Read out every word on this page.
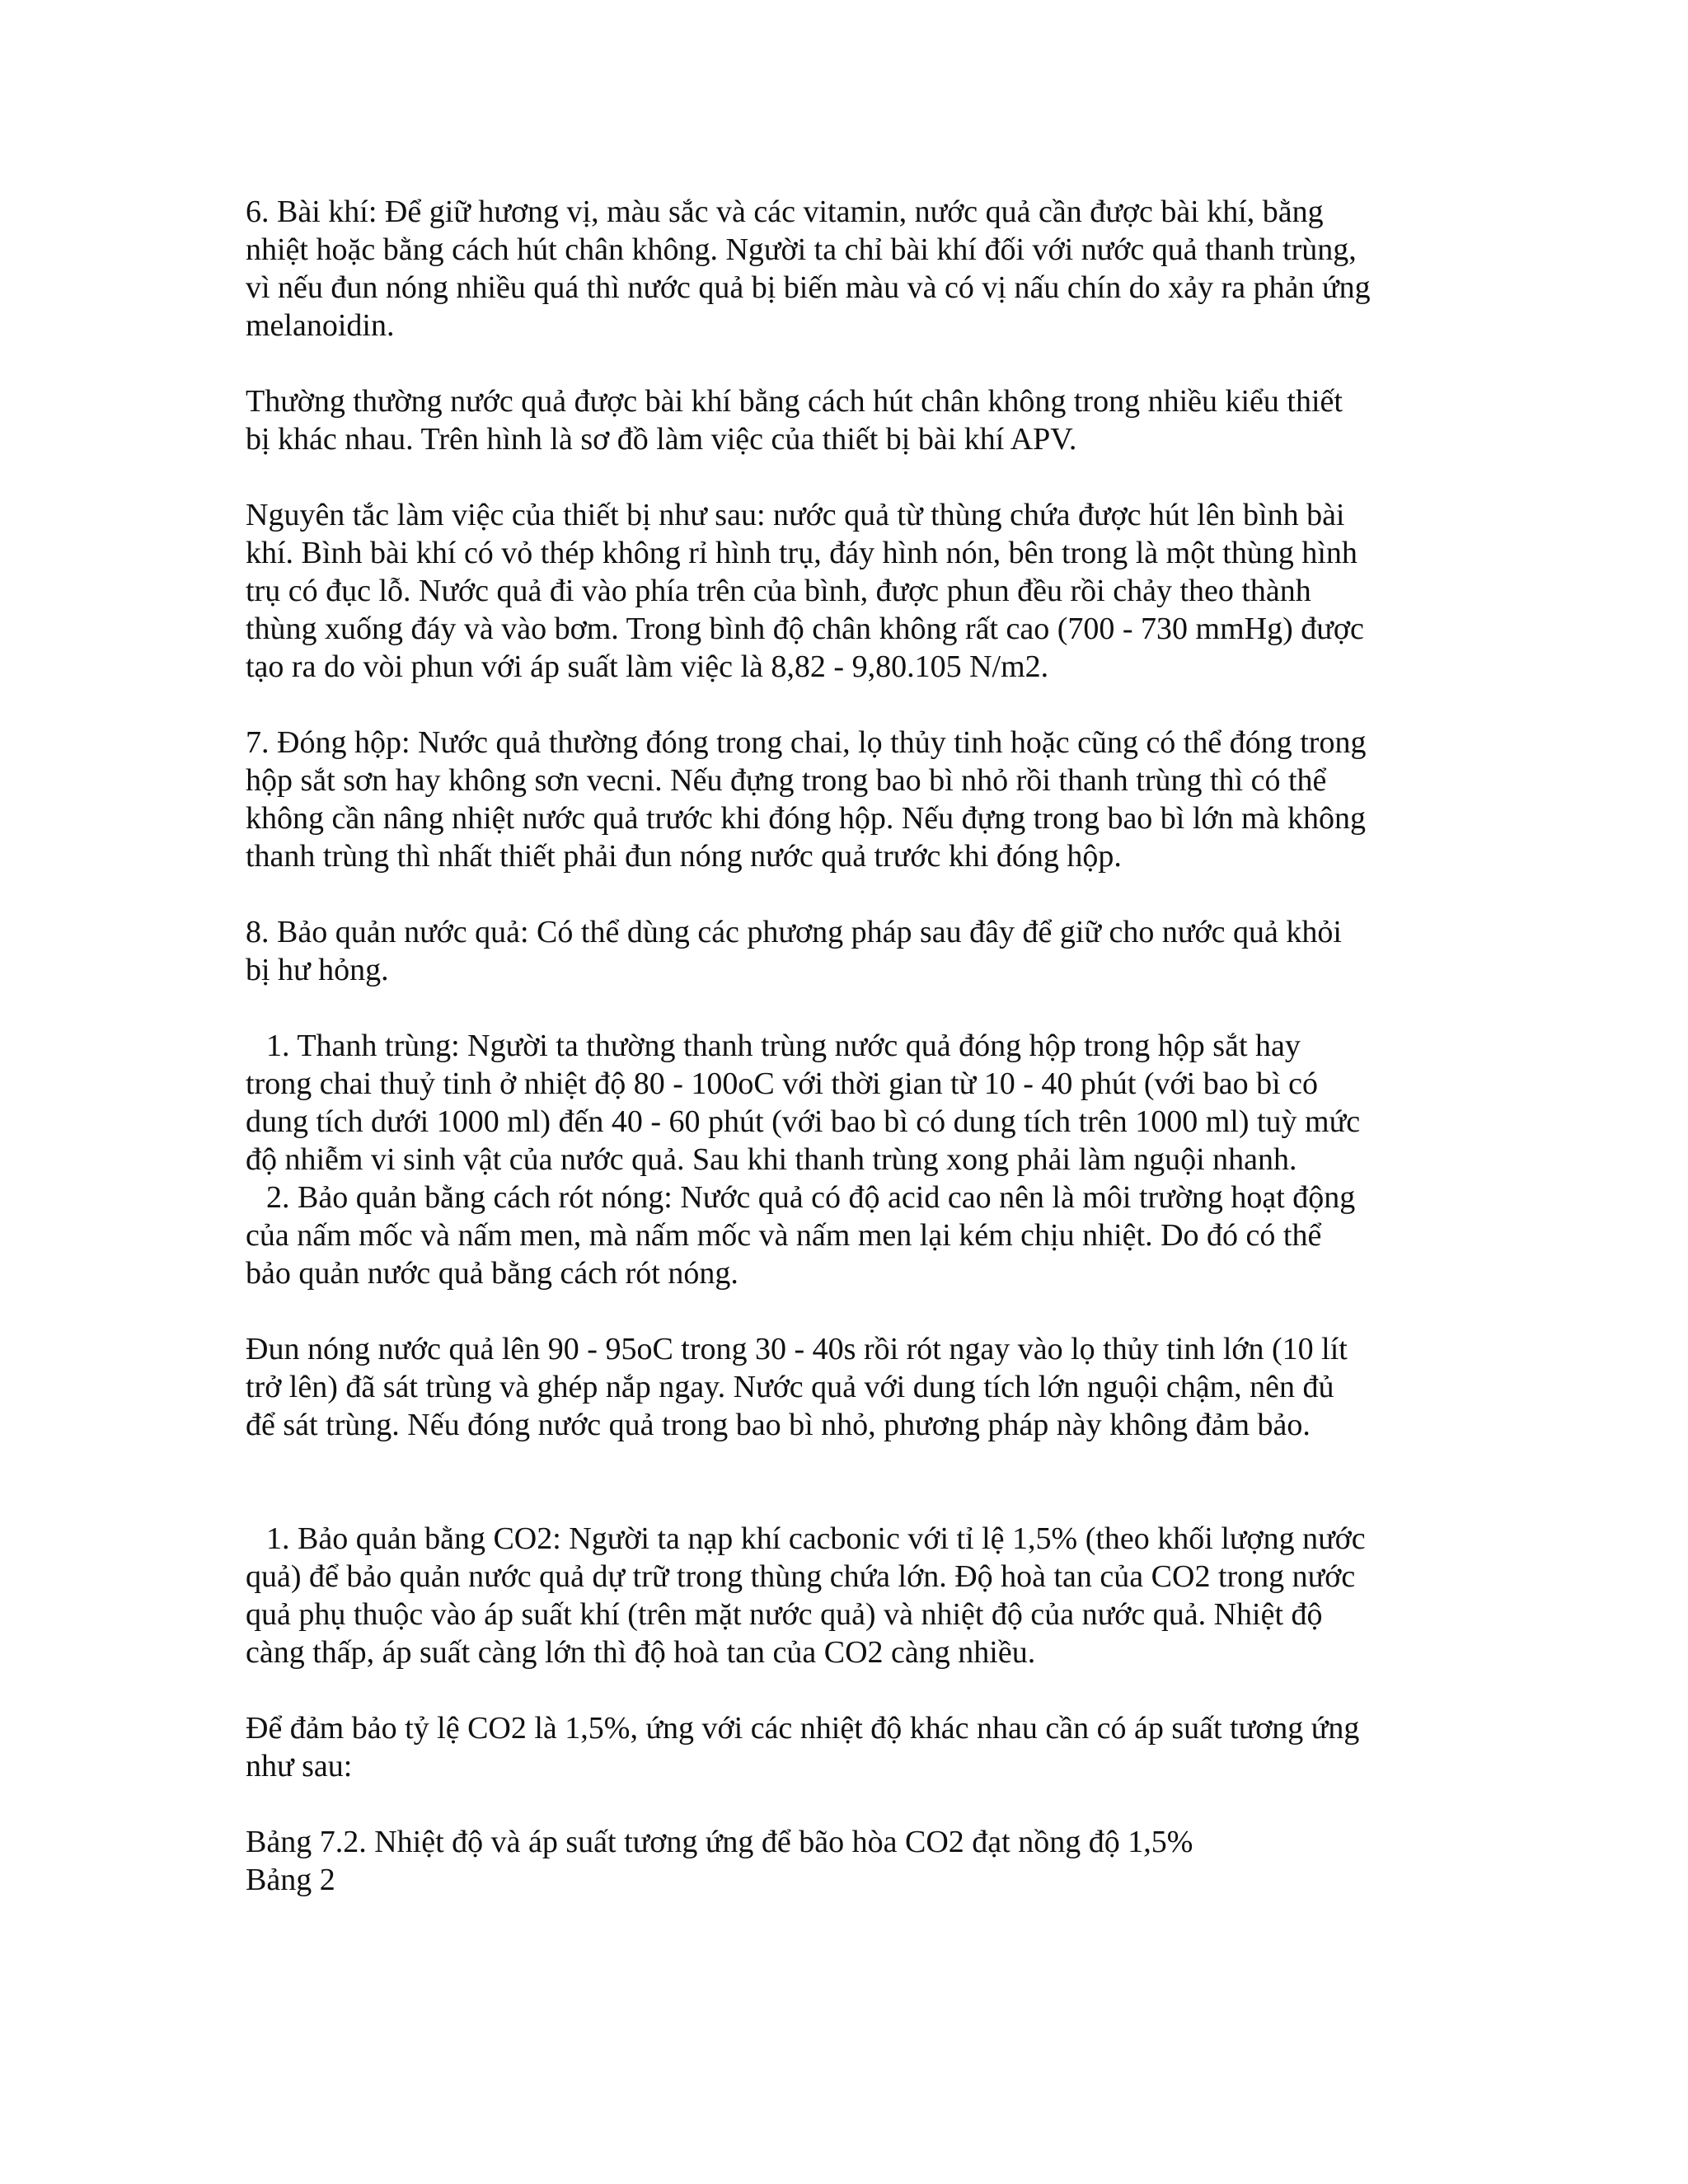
6. Bài khí: Để giữ hương vị, màu sắc và các vitamin, nước quả cần được bài khí, bằng
nhiệt hoặc bằng cách hút chân không. Người ta chỉ bài khí đối với nước quả thanh trùng,
vì nếu đun nóng nhiều quá thì nước quả bị biến màu và có vị nấu chín do xảy ra phản ứng
melanoidin.

Thường thường nước quả được bài khí bằng cách hút chân không trong nhiều kiểu thiết
bị khác nhau. Trên hình là sơ đồ làm việc của thiết bị bài khí APV.

Nguyên tắc làm việc của thiết bị như sau: nước quả từ thùng chứa được hút lên bình bài
khí. Bình bài khí có vỏ thép không rỉ hình trụ, đáy hình nón, bên trong là một thùng hình
trụ có đục lỗ. Nước quả đi vào phía trên của bình, được phun đều rồi chảy theo thành
thùng xuống đáy và vào bơm. Trong bình độ chân không rất cao (700 - 730 mmHg) được
tạo ra do vòi phun với áp suất làm việc là 8,82 - 9,80.105 N/m2.

7. Đóng hộp: Nước quả thường đóng trong chai, lọ thủy tinh hoặc cũng có thể đóng trong
hộp sắt sơn hay không sơn vecni. Nếu đựng trong bao bì nhỏ rồi thanh trùng thì có thể
không cần nâng nhiệt nước quả trước khi đóng hộp. Nếu đựng trong bao bì lớn mà không
thanh trùng thì nhất thiết phải đun nóng nước quả trước khi đóng hộp.

8. Bảo quản nước quả: Có thể dùng các phương pháp sau đây để giữ cho nước quả khỏi
bị hư hỏng.

1. Thanh trùng: Người ta thường thanh trùng nước quả đóng hộp trong hộp sắt hay
trong chai thuỷ tinh ở nhiệt độ 80 - 100oC với thời gian từ 10 - 40 phút (với bao bì có
dung tích dưới 1000 ml) đến 40 - 60 phút (với bao bì có dung tích trên 1000 ml) tuỳ mức
độ nhiễm vi sinh vật của nước quả. Sau khi thanh trùng xong phải làm nguội nhanh.

2. Bảo quản bằng cách rót nóng: Nước quả có độ acid cao nên là môi trường hoạt động
của nấm mốc và nấm men, mà nấm mốc và nấm men lại kém chịu nhiệt. Do đó có thể
bảo quản nước quả bằng cách rót nóng.

Đun nóng nước quả lên 90 - 95oC trong 30 - 40s rồi rót ngay vào lọ thủy tinh lớn (10 lít
trở lên) đã sát trùng và ghép nắp ngay. Nước quả với dung tích lớn nguội chậm, nên đủ
để sát trùng. Nếu đóng nước quả trong bao bì nhỏ, phương pháp này không đảm bảo.

1. Bảo quản bằng CO2: Người ta nạp khí cacbonic với tỉ lệ 1,5% (theo khối lượng nước
quả) để bảo quản nước quả dự trữ trong thùng chứa lớn. Độ hoà tan của CO2 trong nước
quả phụ thuộc vào áp suất khí (trên mặt nước quả) và nhiệt độ của nước quả. Nhiệt độ
càng thấp, áp suất càng lớn thì độ hoà tan của CO2 càng nhiều.

Để đảm bảo tỷ lệ CO2 là 1,5%, ứng với các nhiệt độ khác nhau cần có áp suất tương ứng
như sau:

Bảng 7.2. Nhiệt độ và áp suất tương ứng để bão hòa CO2 đạt nồng độ 1,5%
Bảng 2
